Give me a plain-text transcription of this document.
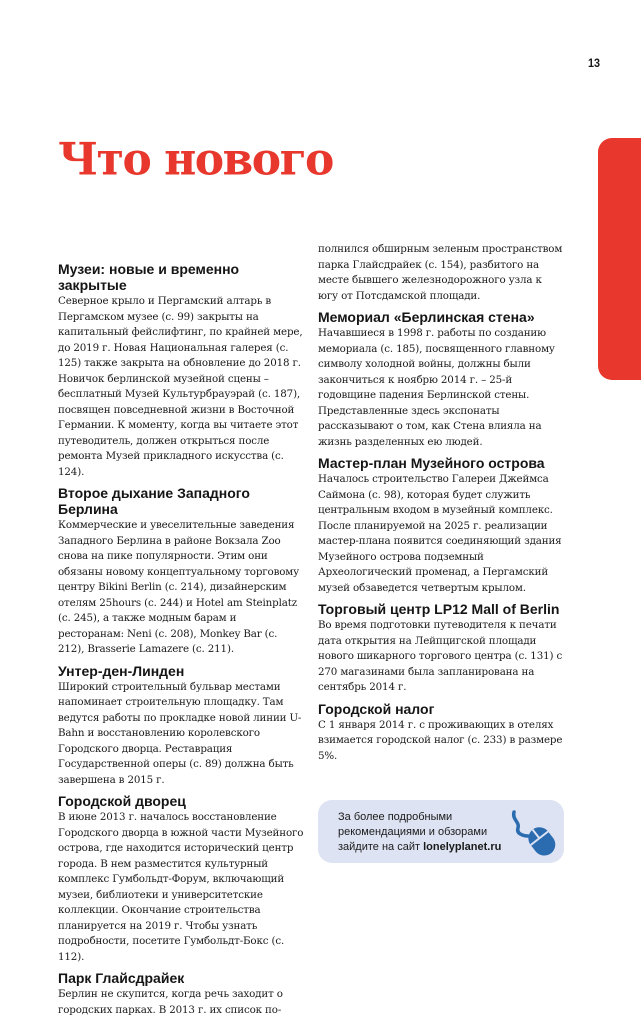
13
Что нового
Музеи: новые и временно закрытые

Северное крыло и Пергамский алтарь в Пергамском музее (с. 99) закрыты на капитальный фейслифтинг, по крайней мере, до 2019 г. Новая Национальная галерея (с. 125) также закрыта на обновление до 2018 г. Новичок берлинской музейной сцены – бесплатный Музей Культурбрауэрай (с. 187), посвящен повседневной жизни в Восточной Германии. К моменту, когда вы читаете этот путеводитель, должен открыться после ремонта Музей прикладного искусства (с. 124).

Второе дыхание Западного Берлина

Коммерческие и увеселительные заведения Западного Берлина в районе Вокзала Zoo снова на пике популярности. Этим они обязаны новому концептуальному торговому центру Bikini Berlin (с. 214), дизайнерским отелям 25hours (с. 244) и Hotel am Steinplatz (с. 245), а также модным барам и ресторанам: Neni (с. 208), Monkey Bar (с. 212), Brasserie Lamazere (с. 211).

Унтер-ден-Линден

Широкий строительный бульвар местами напоминает строительную площадку. Там ведутся работы по прокладке новой линии U-Bahn и восстановлению королевского Городского дворца. Реставрация Государственной оперы (с. 89) должна быть завершена в 2015 г.

Городской дворец

В июне 2013 г. началось восстановление Городского дворца в южной части Музейного острова, где находится исторический центр города. В нем разместится культурный комплекс Гумбольдт-Форум, включающий музеи, библиотеки и университетские коллекции. Окончание строительства планируется на 2019 г. Чтобы узнать подробности, посетите Гумбольдт-Бокс (с. 112).

Парк Глайсдрайек

Берлин не скупится, когда речь заходит о городских парках. В 2013 г. их список по-

полнился обширным зеленым пространством парка Глайсдрайек (с. 154), разбитого на месте бывшего железнодорожного узла к югу от Потсдамской площади.

Мемориал «Берлинская стена»

Начавшиеся в 1998 г. работы по созданию мемориала (с. 185), посвященного главному символу холодной войны, должны были закончиться к ноябрю 2014 г. – 25-й годовщине падения Берлинской стены. Представленные здесь экспонаты рассказывают о том, как Стена влияла на жизнь разделенных ею людей.

Мастер-план Музейного острова

Началось строительство Галереи Джеймса Саймона (с. 98), которая будет служить центральным входом в музейный комплекс. После планируемой на 2025 г. реализации мастер-плана появится соединяющий здания Музейного острова подземный Археологический променад, а Пергамский музей обзаведется четвертым крылом.

Торговый центр LP12 Mall of Berlin

Во время подготовки путеводителя к печати дата открытия на Лейпцигской площади нового шикарного торгового центра (с. 131) с 270 магазинами была запланирована на сентябрь 2014 г.

Городской налог

С 1 января 2014 г. с проживающих в отелях взимается городской налог (с. 233) в размере 5%.

За более подробными рекомендациями и обзорами зайдите на сайт lonelyplanet.ru
